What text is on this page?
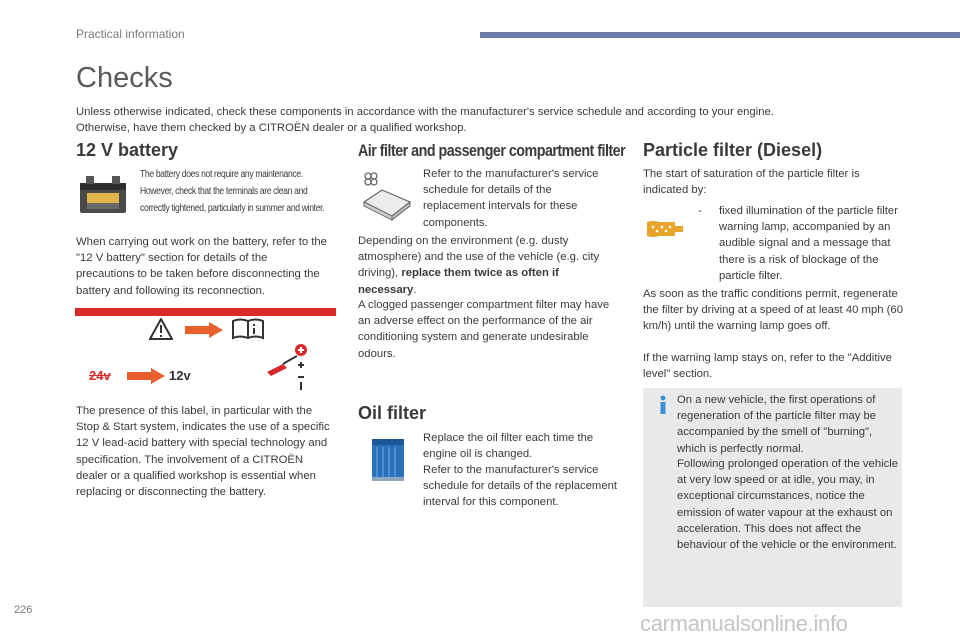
Practical information
Checks

Unless otherwise indicated, check these components in accordance with the manufacturer's service schedule and according to your engine.

Otherwise, have them checked by a CITROËN dealer or a qualified workshop.

12 V battery
The battery does not require any maintenance. However, check that the terminals are clean and correctly tightened, particularly in summer and winter.
When carrying out work on the battery, refer to the "12 V battery" section for details of the precautions to be taken before disconnecting the battery and following its reconnection.
24v	12v
The presence of this label, in particular with the Stop & Start system, indicates the use of a specific 12 V lead-acid battery with special technology and specification. The involvement of a CITROËN dealer or a qualified workshop is essential when replacing or disconnecting the battery.
Air filter and passenger compartment filter
Refer to the manufacturer's service schedule for details of the replacement intervals for these components.
Depending on the environment (e.g. dusty atmosphere) and the use of the vehicle (e.g. city driving), replace them twice as often if necessary.
A clogged passenger compartment filter may have an adverse effect on the performance of the air conditioning system and generate undesirable odours.
Oil filter
Replace the oil filter each time the engine oil is changed.
Refer to the manufacturer's service schedule for details of the replacement interval for this component.
Particle filter (Diesel)
The start of saturation of the particle filter is indicated by:
- fixed illumination of the particle filter warning lamp, accompanied by an audible signal and a message that there is a risk of blockage of the particle filter.
As soon as the traffic conditions permit, regenerate the filter by driving at a speed of at least 40 mph (60 km/h) until the warning lamp goes off.
If the warning lamp stays on, refer to the "Additive level" section.
On a new vehicle, the first operations of regeneration of the particle filter may be accompanied by the smell of "burning", which is perfectly normal.
Following prolonged operation of the vehicle at very low speed or at idle, you may, in exceptional circumstances, notice the emission of water vapour at the exhaust on acceleration. This does not affect the behaviour of the vehicle or the environment.
226
carmanualsonline.info
